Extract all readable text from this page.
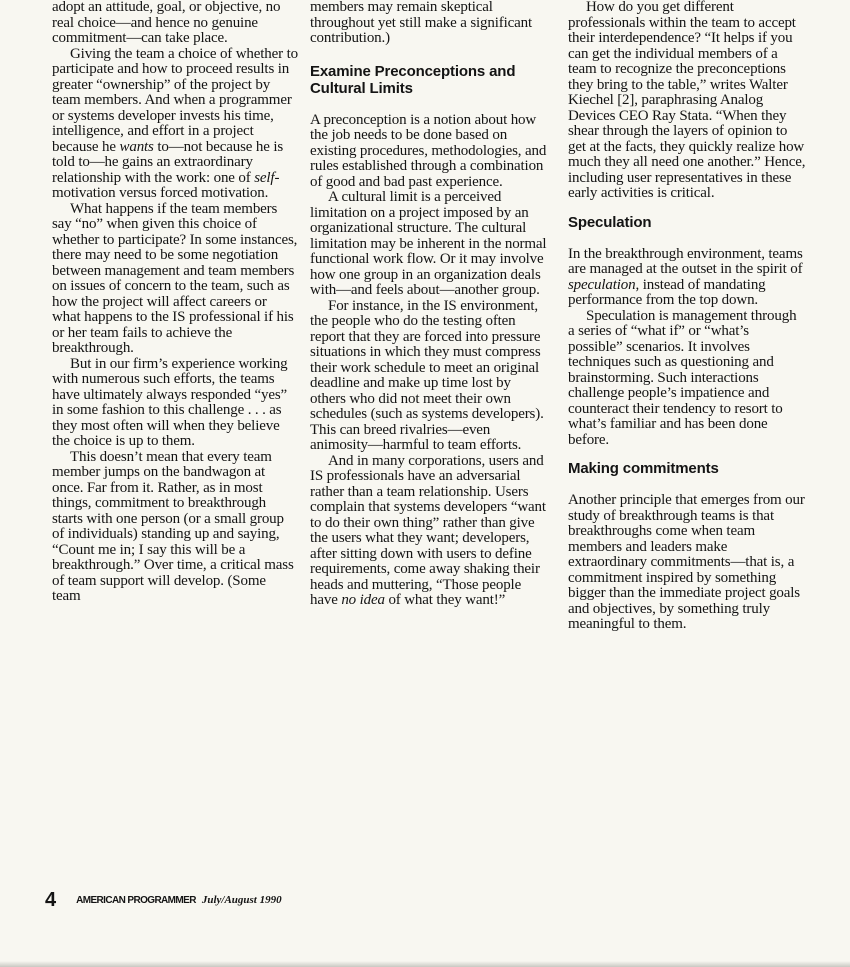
adopt an attitude, goal, or objective, no real choice—and hence no genuine commitment—can take place.

Giving the team a choice of whether to participate and how to proceed results in greater “ownership” of the project by team members. And when a programmer or systems developer invests his time, intelligence, and effort in a project because he wants to—not because he is told to—he gains an extraordinary relationship with the work: one of self-motivation versus forced motivation.

What happens if the team members say “no” when given this choice of whether to participate? In some instances, there may need to be some negotiation between management and team members on issues of concern to the team, such as how the project will affect careers or what happens to the IS professional if his or her team fails to achieve the breakthrough.

But in our firm’s experience working with numerous such efforts, the teams have ultimately always responded “yes” in some fashion to this challenge . . . as they most often will when they believe the choice is up to them.

This doesn’t mean that every team member jumps on the bandwagon at once. Far from it. Rather, as in most things, commitment to breakthrough starts with one person (or a small group of individuals) standing up and saying, “Count me in; I say this will be a breakthrough.” Over time, a critical mass of team support will develop. (Some team

members may remain skeptical throughout yet still make a significant contribution.)

Examine Preconceptions and Cultural Limits

A preconception is a notion about how the job needs to be done based on existing procedures, methodologies, and rules established through a combination of good and bad past experience.

A cultural limit is a perceived limitation on a project imposed by an organizational structure. The cultural limitation may be inherent in the normal functional work flow. Or it may involve how one group in an organization deals with—and feels about—another group.

For instance, in the IS environment, the people who do the testing often report that they are forced into pressure situations in which they must compress their work schedule to meet an original deadline and make up time lost by others who did not meet their own schedules (such as systems developers). This can breed rivalries—even animosity—harmful to team efforts.

And in many corporations, users and IS professionals have an adversarial rather than a team relationship. Users complain that systems developers “want to do their own thing” rather than give the users what they want; developers, after sitting down with users to define requirements, come away shaking their heads and muttering, “Those people have no idea of what they want!”

How do you get different professionals within the team to accept their interdependence? “It helps if you can get the individual members of a team to recognize the preconceptions they bring to the table,” writes Walter Kiechel [2], paraphrasing Analog Devices CEO Ray Stata. “When they shear through the layers of opinion to get at the facts, they quickly realize how much they all need one another.” Hence, including user representatives in these early activities is critical.

Speculation

In the breakthrough environment, teams are managed at the outset in the spirit of speculation, instead of mandating performance from the top down.

Speculation is management through a series of “what if” or “what’s possible” scenarios. It involves techniques such as questioning and brainstorming. Such interactions challenge people’s impatience and counteract their tendency to resort to what’s familiar and has been done before.

Making commitments

Another principle that emerges from our study of breakthrough teams is that breakthroughs come when team members and leaders make extraordinary commitments—that is, a commitment inspired by something bigger than the immediate project goals and objectives, by something truly meaningful to them.

4 AMERICAN PROGRAMMER July/August 1990
